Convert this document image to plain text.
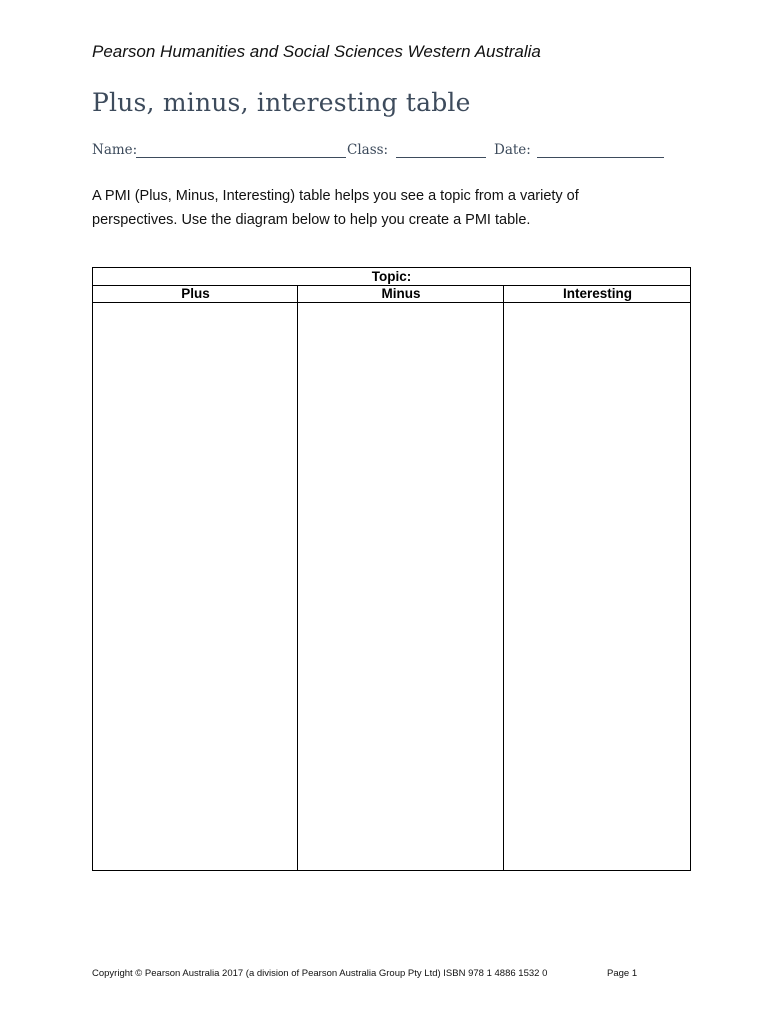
Pearson Humanities and Social Sciences Western Australia
Plus, minus, interesting table
Name:	Class:	Date:
A PMI (Plus, Minus, Interesting) table helps you see a topic from a variety of perspectives. Use the diagram below to help you create a PMI table.
Topic:
Plus	Minus	Interesting
Copyright © Pearson Australia 2017 (a division of Pearson Australia Group Pty Ltd) ISBN 978 1 4886 1532 0	Page 1
